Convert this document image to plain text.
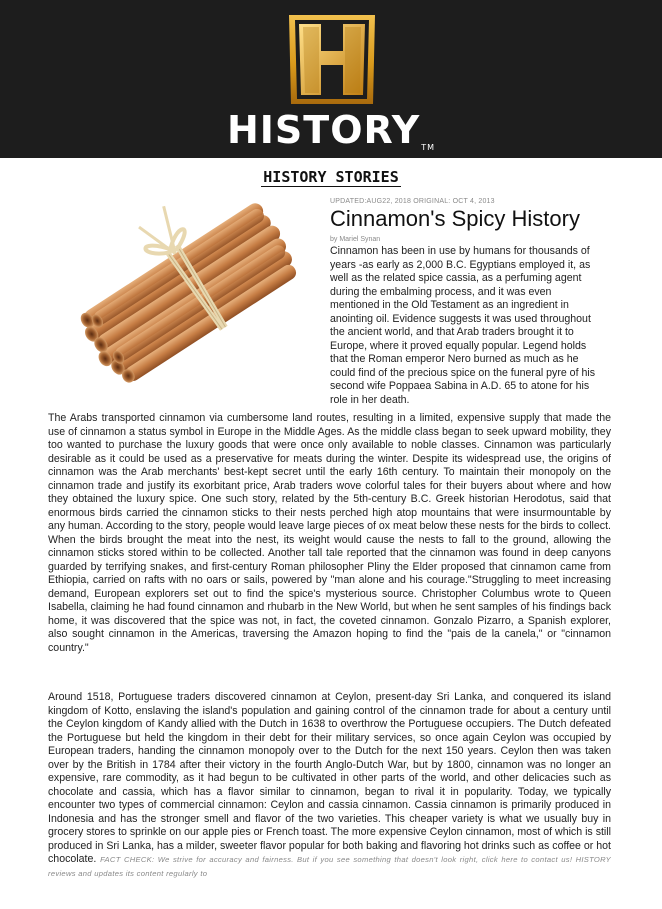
HISTORYTM
HISTORY STORIES
UPDATED:AUG22, 2018 ORIGINAL: OCT 4, 2013
Cinnamon's Spicy History
by Mariel Synan
Cinnamon has been in use by humans for thousands of years -as early as 2,000 B.C. Egyptians employed it, as well as the related spice cassia, as a perfuming agent during the embalming process, and it was even mentioned in the Old Testament as an ingredient in anointing oil. Evidence suggests it was used throughout the ancient world, and that Arab traders brought it to Europe, where it proved equally popular. Legend holds that the Roman emperor Nero burned as much as he could find of the precious spice on the funeral pyre of his second wife Poppaea Sabina in A.D. 65 to atone for his role in her death.
The Arabs transported cinnamon via cumbersome land routes, resulting in a limited, expensive supply that made the use of cinnamon a status symbol in Europe in the Middle Ages. As the middle class began to seek upward mobility, they too wanted to purchase the luxury goods that were once only available to noble classes. Cinnamon was particularly desirable as it could be used as a preservative for meats during the winter. Despite its widespread use, the origins of cinnamon was the Arab merchants' best-kept secret until the early 16th century. To maintain their monopoly on the cinnamon trade and justify its exorbitant price, Arab traders wove colorful tales for their buyers about where and how they obtained the luxury spice. One such story, related by the 5th-century B.C. Greek historian Herodotus, said that enormous birds carried the cinnamon sticks to their nests perched high atop mountains that were insurmountable by any human. According to the story, people would leave large pieces of ox meat below these nests for the birds to collect. When the birds brought the meat into the nest, its weight would cause the nests to fall to the ground, allowing the cinnamon sticks stored within to be collected. Another tall tale reported that the cinnamon was found in deep canyons guarded by terrifying snakes, and first-century Roman philosopher Pliny the Elder proposed that cinnamon came from Ethiopia, carried on rafts with no oars or sails, powered by "man alone and his courage."Struggling to meet increasing demand, European explorers set out to find the spice's mysterious source. Christopher Columbus wrote to Queen Isabella, claiming he had found cinnamon and rhubarb in the New World, but when he sent samples of his findings back home, it was discovered that the spice was not, in fact, the coveted cinnamon. Gonzalo Pizarro, a Spanish explorer, also sought cinnamon in the Americas, traversing the Amazon hoping to find the "pais de la canela," or "cinnamon country."
Around 1518, Portuguese traders discovered cinnamon at Ceylon, present-day Sri Lanka, and conquered its island kingdom of Kotto, enslaving the island's population and gaining control of the cinnamon trade for about a century until the Ceylon kingdom of Kandy allied with the Dutch in 1638 to overthrow the Portuguese occupiers. The Dutch defeated the Portuguese but held the kingdom in their debt for their military services, so once again Ceylon was occupied by European traders, handing the cinnamon monopoly over to the Dutch for the next 150 years. Ceylon then was taken over by the British in 1784 after their victory in the fourth Anglo-Dutch War, but by 1800, cinnamon was no longer an expensive, rare commodity, as it had begun to be cultivated in other parts of the world, and other delicacies such as chocolate and cassia, which has a flavor similar to cinnamon, began to rival it in popularity. Today, we typically encounter two types of commercial cinnamon: Ceylon and cassia cinnamon. Cassia cinnamon is primarily produced in Indonesia and has the stronger smell and flavor of the two varieties. This cheaper variety is what we usually buy in grocery stores to sprinkle on our apple pies or French toast. The more expensive Ceylon cinnamon, most of which is still produced in Sri Lanka, has a milder, sweeter flavor popular for both baking and flavoring hot drinks such as coffee or hot chocolate. FACT CHECK: We strive for accuracy and fairness. But if you see something that doesn't look right, click here to contact us! HISTORY reviews and updates its content regularly to
